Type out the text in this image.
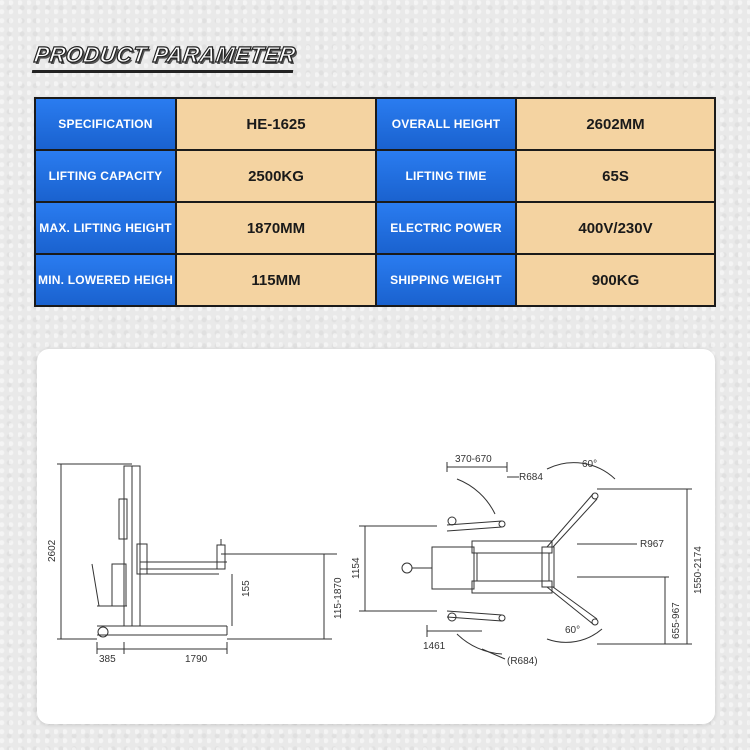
PRODUCT PARAMETER
SPECIFICATION	HE-1625	OVERALL HEIGHT	2602MM
LIFTING CAPACITY	2500KG	LIFTING TIME	65S
MAX. LIFTING HEIGHT	1870MM	ELECTRIC POWER	400V/230V
MIN. LOWERED HEIGH	115MM	SHIPPING WEIGHT	900KG
2602
155	115-1870
385	1790
1154
370-670
R684
60°
R967
1550-2174
655-967
60°
1461
(R684)
